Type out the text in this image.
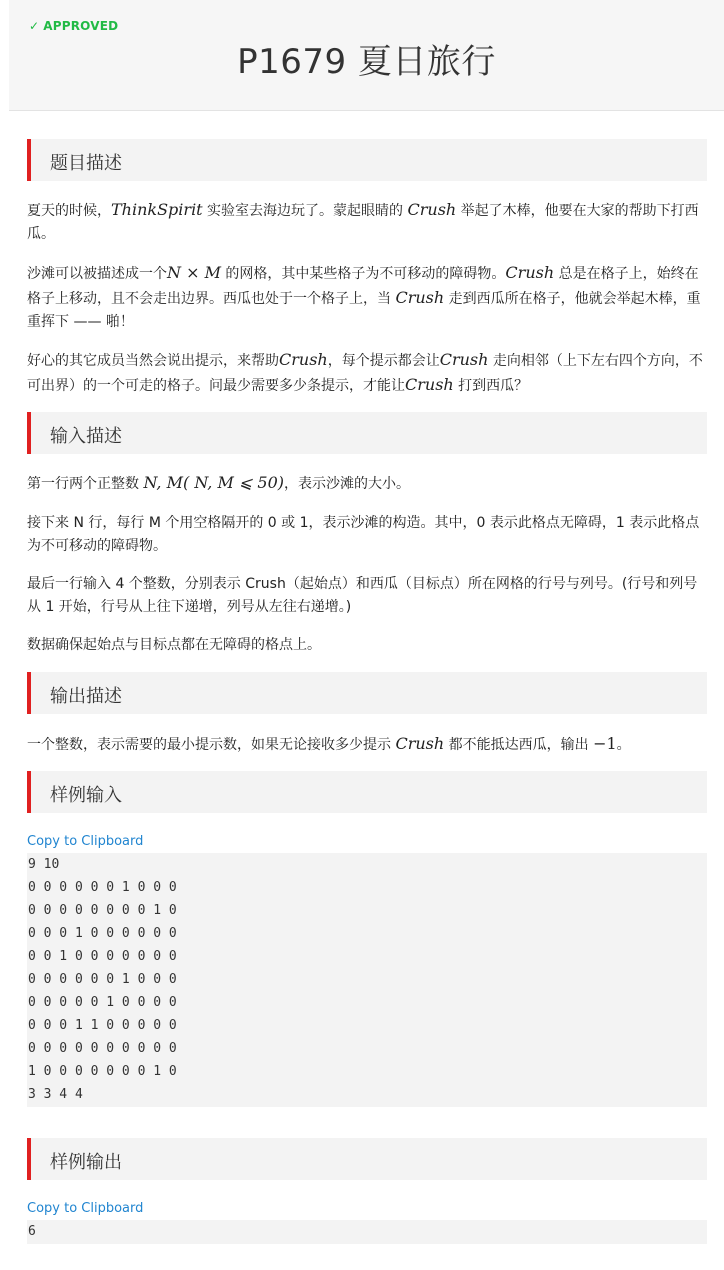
✓ APPROVED
P1679 夏日旅行
题目描述
夏天的时候，ThinkSpirit 实验室去海边玩了。蒙起眼睛的 Crush 举起了木棒，他要在大家的帮助下打西瓜。
沙滩可以被描述成一个N × M 的网格，其中某些格子为不可移动的障碍物。Crush 总是在格子上，始终在格子上移动，且不会走出边界。西瓜也处于一个格子上，当 Crush 走到西瓜所在格子，他就会举起木棒，重重挥下 —— 啪！
好心的其它成员当然会说出提示，来帮助Crush，每个提示都会让Crush 走向相邻（上下左右四个方向，不可出界）的一个可走的格子。问最少需要多少条提示，才能让Crush 打到西瓜？
输入描述
第一行两个正整数 N, M( N, M ⩽ 50)，表示沙滩的大小。
接下来 N 行，每行 M 个用空格隔开的 0 或 1，表示沙滩的构造。其中，0 表示此格点无障碍，1 表示此格点为不可移动的障碍物。
最后一行输入 4 个整数，分别表示 Crush（起始点）和西瓜（目标点）所在网格的行号与列号。(行号和列号从 1 开始，行号从上往下递增，列号从左往右递增。)
数据确保起始点与目标点都在无障碍的格点上。
输出描述
一个整数，表示需要的最小提示数，如果无论接收多少提示 Crush 都不能抵达西瓜，输出 −1。
样例输入
Copy to Clipboard
9 10
0 0 0 0 0 0 1 0 0 0
0 0 0 0 0 0 0 0 1 0
0 0 0 1 0 0 0 0 0 0
0 0 1 0 0 0 0 0 0 0
0 0 0 0 0 0 1 0 0 0
0 0 0 0 0 1 0 0 0 0
0 0 0 1 1 0 0 0 0 0
0 0 0 0 0 0 0 0 0 0
1 0 0 0 0 0 0 0 1 0
3 3 4 4
样例输出
Copy to Clipboard
6
